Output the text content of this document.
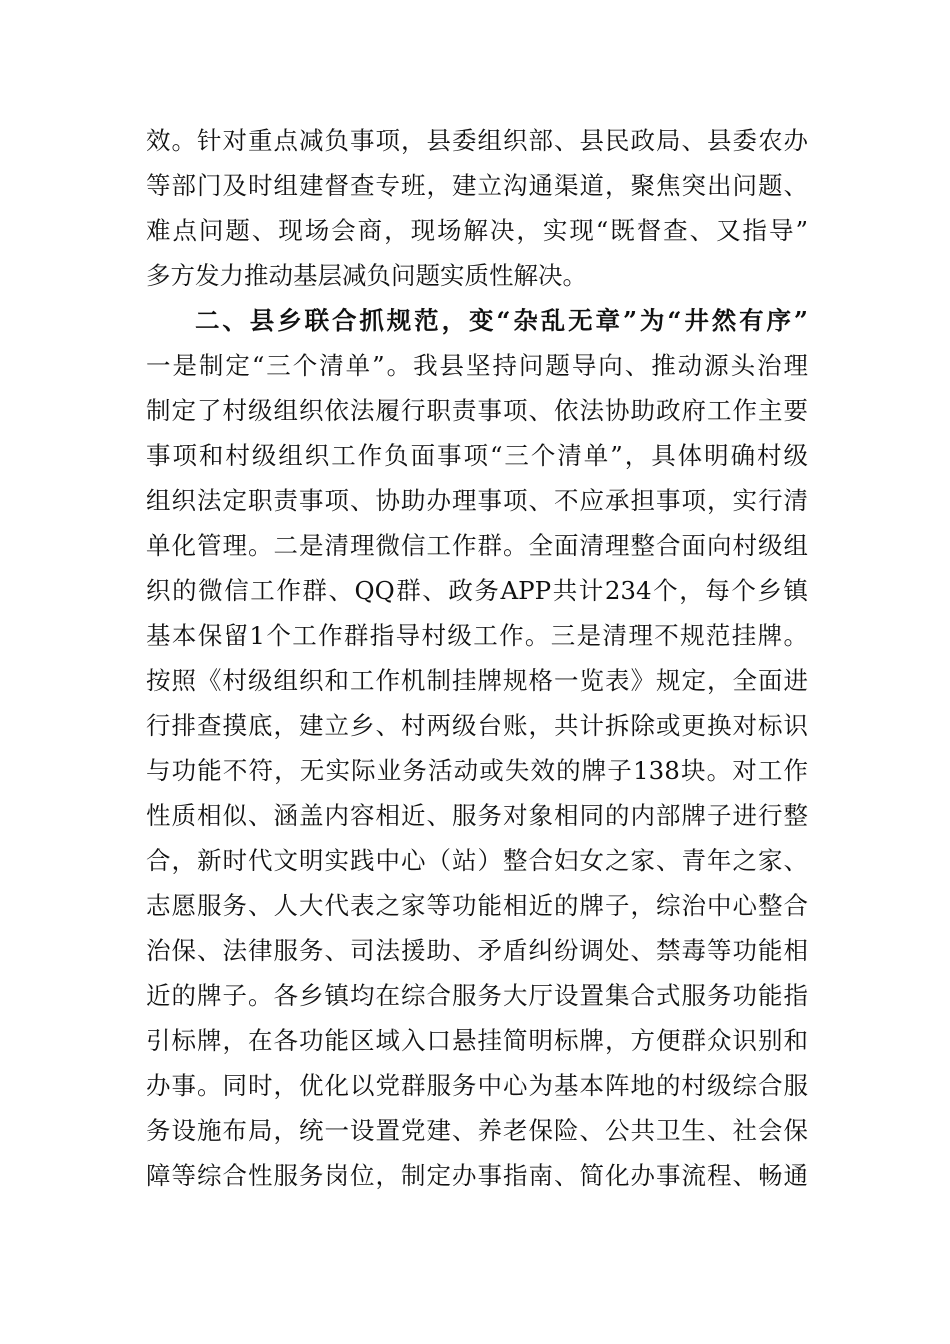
效。针对重点减负事项，县委组织部、县民政局、县委农办
等部门及时组建督查专班，建立沟通渠道，聚焦突出问题、
难点问题、现场会商，现场解决，实现“既督查、又指导”
多方发力推动基层减负问题实质性解决。
二、县乡联合抓规范，变“杂乱无章”为“井然有序”
一是制定“三个清单”。我县坚持问题导向、推动源头治理
制定了村级组织依法履行职责事项、依法协助政府工作主要
事项和村级组织工作负面事项“三个清单”，具体明确村级
组织法定职责事项、协助办理事项、不应承担事项，实行清
单化管理。二是清理微信工作群。全面清理整合面向村级组
织的微信工作群、QQ群、政务APP共计234个，每个乡镇
基本保留1个工作群指导村级工作。三是清理不规范挂牌。
按照《村级组织和工作机制挂牌规格一览表》规定，全面进
行排查摸底，建立乡、村两级台账，共计拆除或更换对标识
与功能不符，无实际业务活动或失效的牌子138块。对工作
性质相似、涵盖内容相近、服务对象相同的内部牌子进行整
合，新时代文明实践中心（站）整合妇女之家、青年之家、
志愿服务、人大代表之家等功能相近的牌子，综治中心整合
治保、法律服务、司法援助、矛盾纠纷调处、禁毒等功能相
近的牌子。各乡镇均在综合服务大厅设置集合式服务功能指
引标牌，在各功能区域入口悬挂简明标牌，方便群众识别和
办事。同时，优化以党群服务中心为基本阵地的村级综合服
务设施布局，统一设置党建、养老保险、公共卫生、社会保
障等综合性服务岗位，制定办事指南、简化办事流程、畅通
